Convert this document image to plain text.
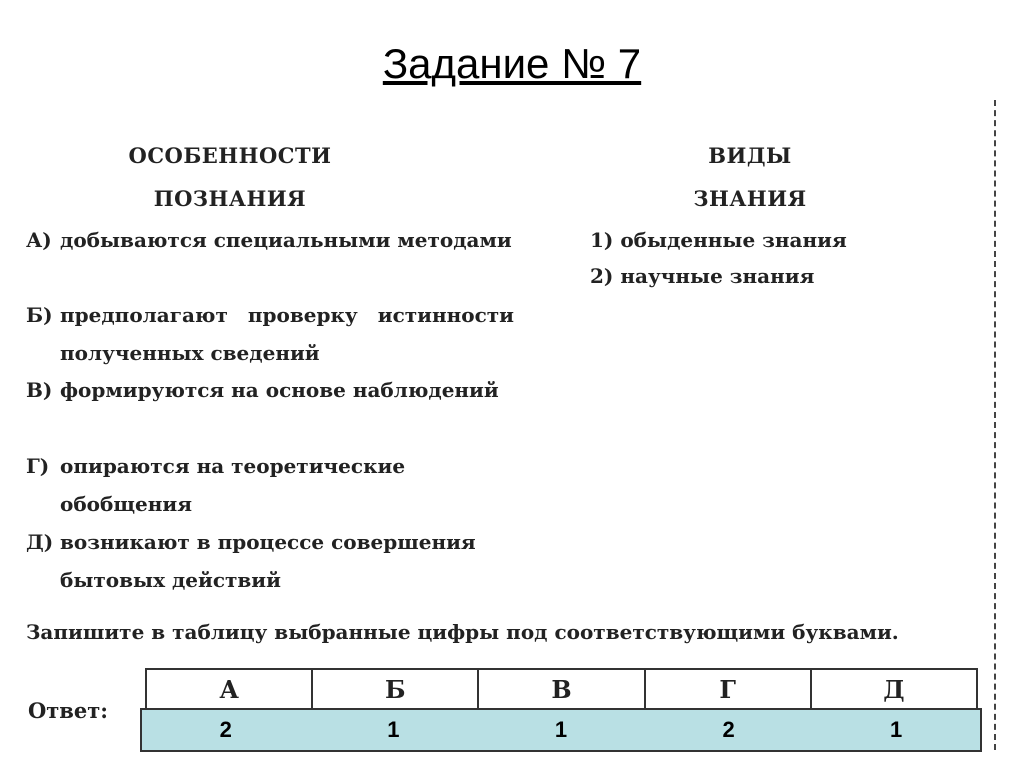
Задание № 7
ОСОБЕННОСТИ
ПОЗНАНИЯ
ВИДЫ
ЗНАНИЯ
А) добываются специальными методами
Б) предполагают проверку истинности полученных сведений
В) формируются на основе наблюдений
Г) опираются на теоретические обобщения
Д) возникают в процессе совершения бытовых действий
1) обыденные знания
2) научные знания
Запишите в таблицу выбранные цифры под соответствующими буквами.
Ответ:
А	Б	В	Г	Д
2	1	1	2	1
